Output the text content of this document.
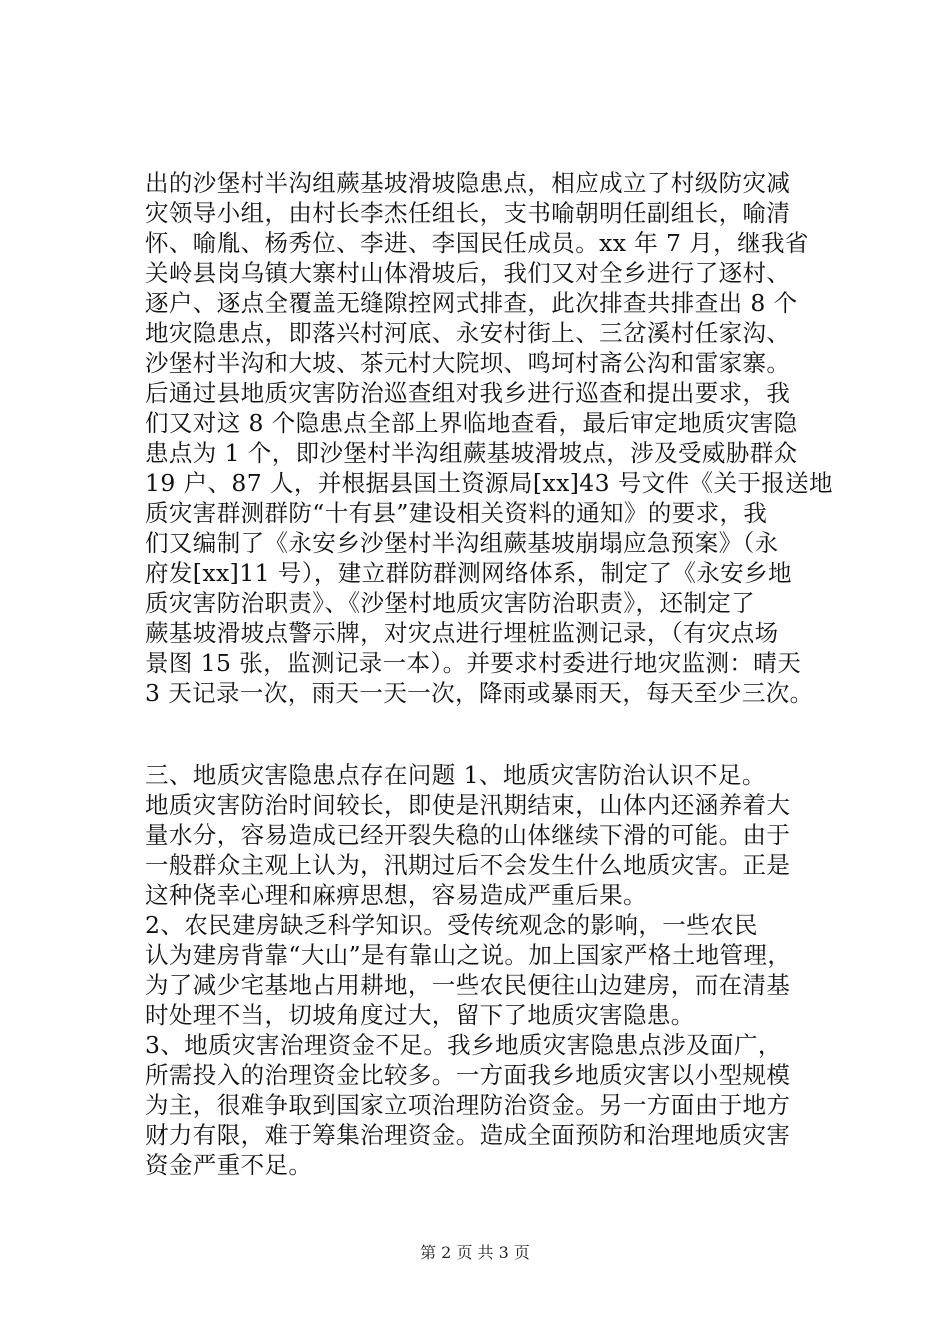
出的沙堡村半沟组蕨基坡滑坡隐患点，相应成立了村级防灾减
灾领导小组，由村长李杰任组长，支书喻朝明任副组长，喻清
怀、喻胤、杨秀位、李进、李国民任成员。xx 年 7 月，继我省
关岭县岗乌镇大寨村山体滑坡后，我们又对全乡进行了逐村、
逐户、逐点全覆盖无缝隙控网式排查，此次排查共排查出 8 个
地灾隐患点，即落兴村河底、永安村街上、三岔溪村任家沟、
沙堡村半沟和大坡、茶元村大院坝、鸣坷村斋公沟和雷家寨。
后通过县地质灾害防治巡查组对我乡进行巡查和提出要求，我
们又对这 8 个隐患点全部上界临地查看，最后审定地质灾害隐
患点为 1 个，即沙堡村半沟组蕨基坡滑坡点，涉及受威胁群众
19 户、87 人，并根据县国土资源局[xx]43 号文件《关于报送地
质灾害群测群防“十有县”建设相关资料的通知》的要求，我
们又编制了《永安乡沙堡村半沟组蕨基坡崩塌应急预案》（永
府发[xx]11 号），建立群防群测网络体系，制定了《永安乡地
质灾害防治职责》、《沙堡村地质灾害防治职责》，还制定了
蕨基坡滑坡点警示牌，对灾点进行埋桩监测记录，（有灾点场
景图 15 张，监测记录一本）。并要求村委进行地灾监测：晴天
3 天记录一次，雨天一天一次，降雨或暴雨天，每天至少三次。
三、地质灾害隐患点存在问题 1、地质灾害防治认识不足。
地质灾害防治时间较长，即使是汛期结束，山体内还涵养着大
量水分，容易造成已经开裂失稳的山体继续下滑的可能。由于
一般群众主观上认为，汛期过后不会发生什么地质灾害。正是
这种侥幸心理和麻痹思想，容易造成严重后果。
2、农民建房缺乏科学知识。受传统观念的影响，一些农民
认为建房背靠“大山”是有靠山之说。加上国家严格土地管理，
为了减少宅基地占用耕地，一些农民便往山边建房，而在清基
时处理不当，切坡角度过大，留下了地质灾害隐患。
3、地质灾害治理资金不足。我乡地质灾害隐患点涉及面广，
所需投入的治理资金比较多。一方面我乡地质灾害以小型规模
为主，很难争取到国家立项治理防治资金。另一方面由于地方
财力有限，难于筹集治理资金。造成全面预防和治理地质灾害
资金严重不足。
第 2 页 共 3 页
